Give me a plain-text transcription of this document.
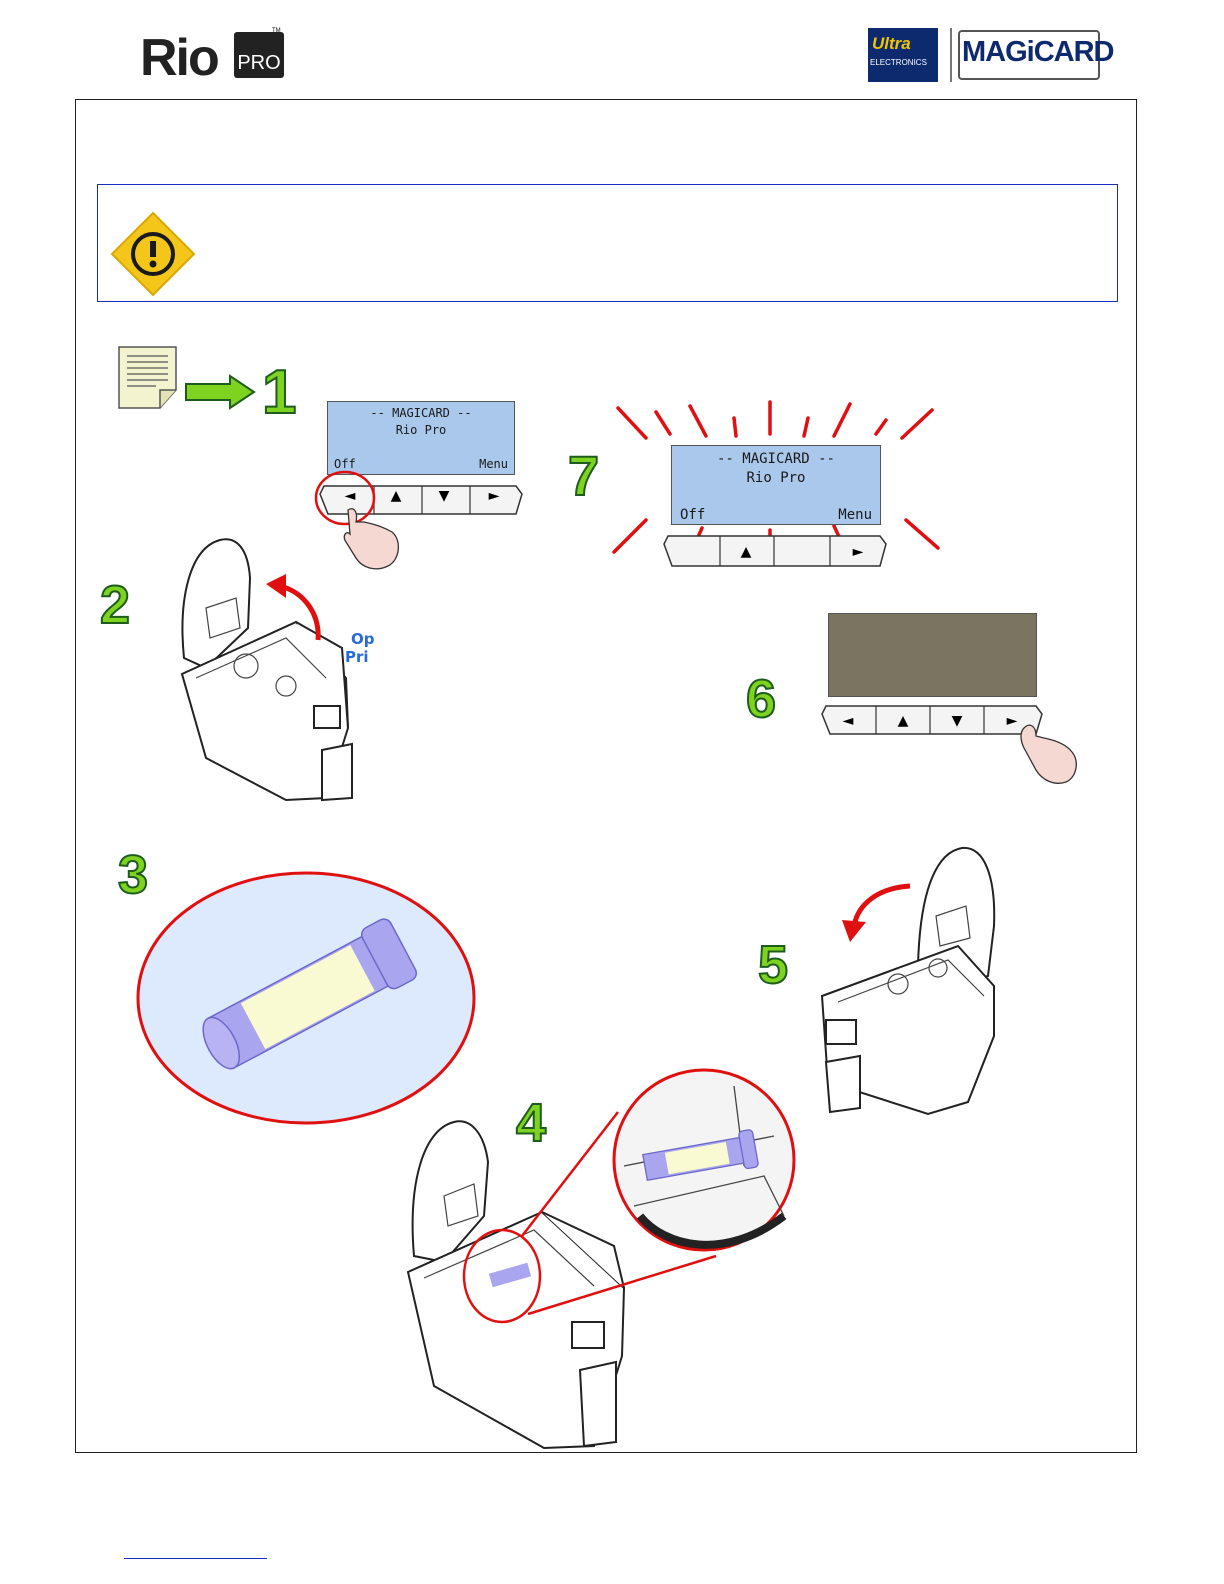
Rio PRO
TM
Ultra
ELECTRONICS MAGiCARD
1
2
3
4
5
6
7
-- MAGICARD --
Rio Pro
Off	Menu
◄	▲	▼	►
-- MAGICARD --
Rio Pro
Off	Menu
▲	►
◄	▲	▼	►
Op
Pri
